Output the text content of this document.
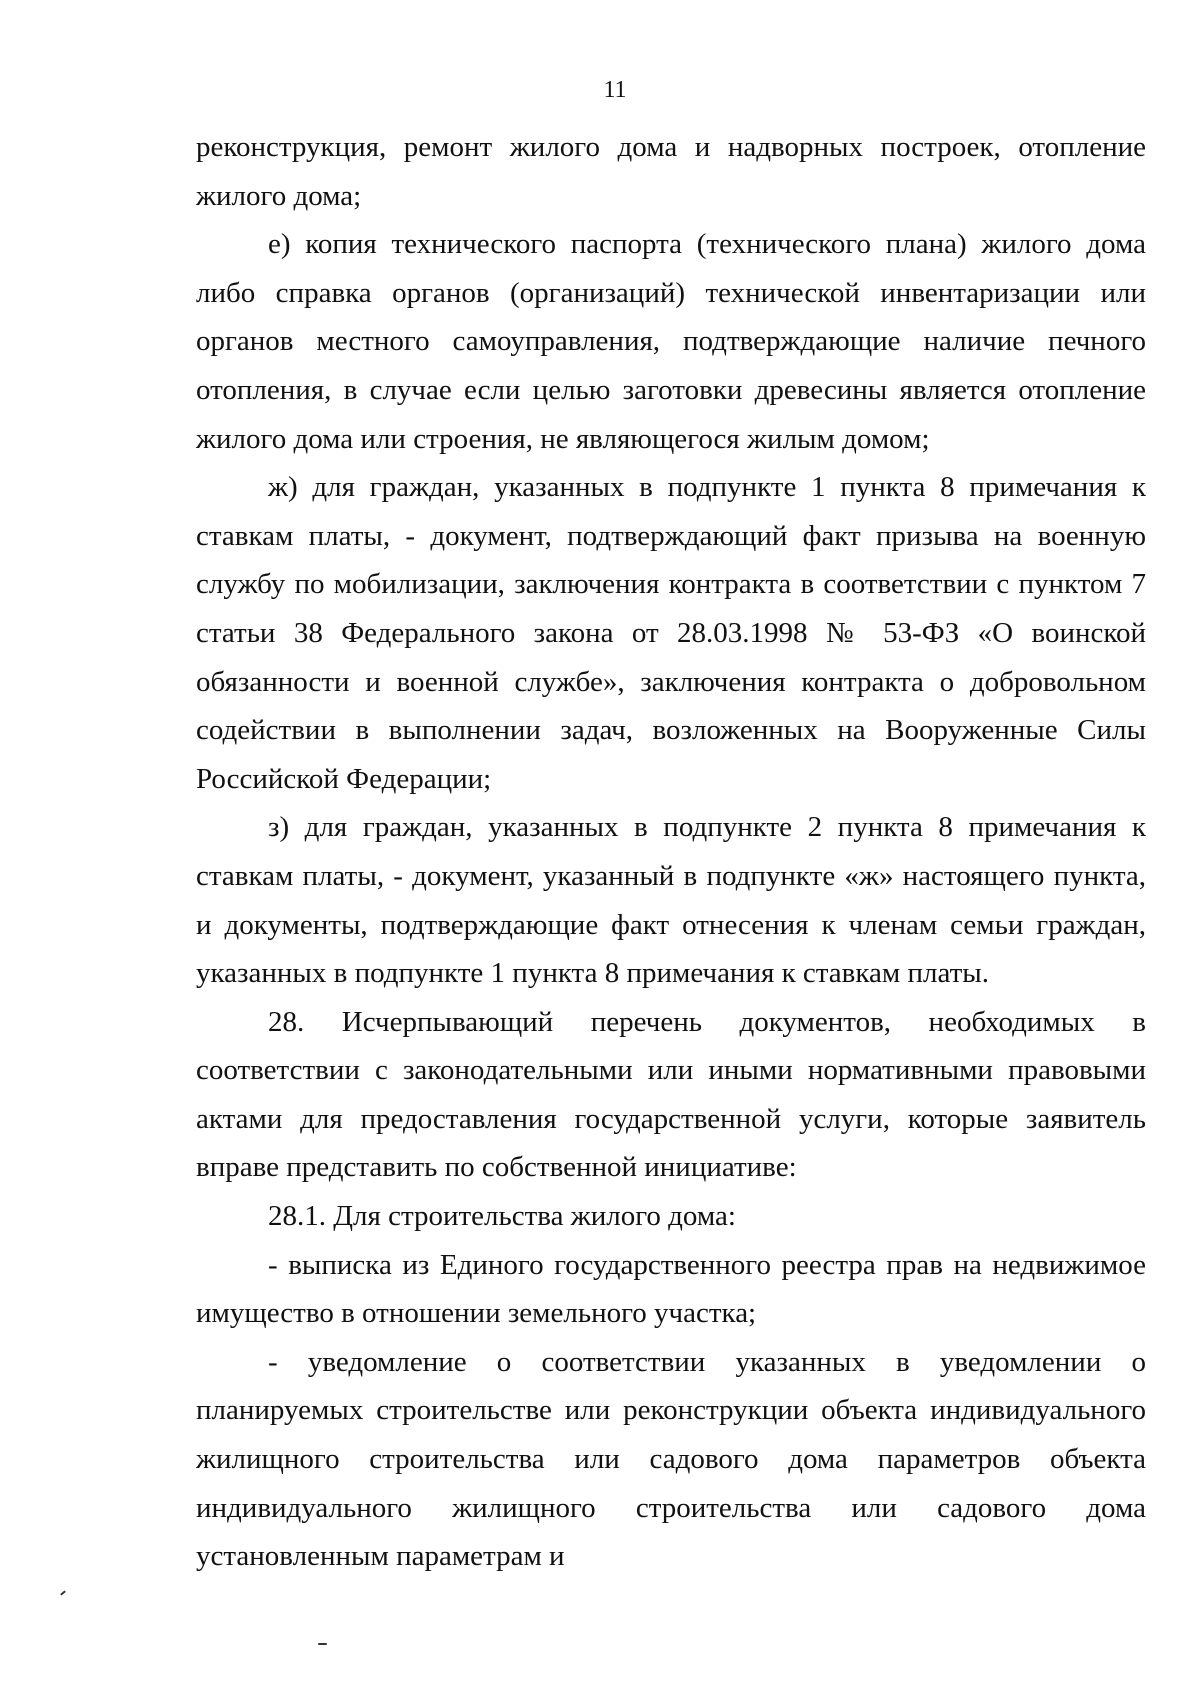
11

реконструкция, ремонт жилого дома и надворных построек, отопление жилого дома;

е) копия технического паспорта (технического плана) жилого дома либо справка органов (организаций) технической инвентаризации или органов местного самоуправления, подтверждающие наличие печного отопления, в случае если целью заготовки древесины является отопление жилого дома или строения, не являющегося жилым домом;

ж) для граждан, указанных в подпункте 1 пункта 8 примечания к ставкам платы, - документ, подтверждающий факт призыва на военную службу по мобилизации, заключения контракта в соответствии с пунктом 7 статьи 38 Федерального закона от 28.03.1998 № 53-ФЗ «О воинской обязанности и военной службе», заключения контракта о добровольном содействии в выполнении задач, возложенных на Вооруженные Силы Российской Федерации;

з) для граждан, указанных в подпункте 2 пункта 8 примечания к ставкам платы, - документ, указанный в подпункте «ж» настоящего пункта, и документы, подтверждающие факт отнесения к членам семьи граждан, указанных в подпункте 1 пункта 8 примечания к ставкам платы.

28. Исчерпывающий перечень документов, необходимых в соответствии с законодательными или иными нормативными правовыми актами для предоставления государственной услуги, которые заявитель вправе представить по собственной инициативе:

28.1. Для строительства жилого дома:

- выписка из Единого государственного реестра прав на недвижимое имущество в отношении земельного участка;

- уведомление о соответствии указанных в уведомлении о планируемых строительстве или реконструкции объекта индивидуального жилищного строительства или садового дома параметров объекта индивидуального жилищного строительства или садового дома установленным параметрам и
